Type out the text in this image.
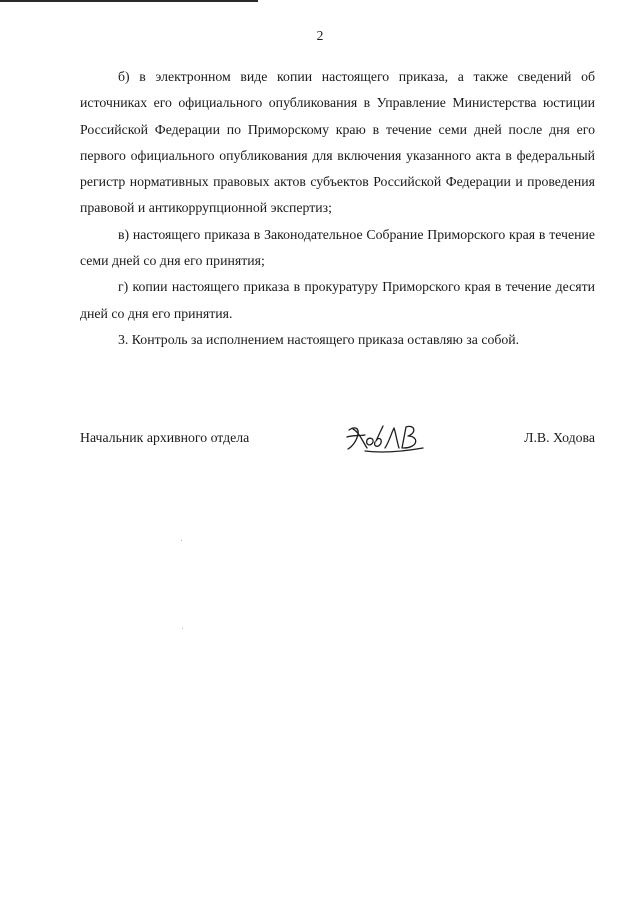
2

б) в электронном виде копии настоящего приказа, а также сведений об источниках его официального опубликования в Управление Министерства юстиции Российской Федерации по Приморскому краю в течение семи дней после дня его первого официального опубликования для включения указанного акта в федеральный регистр нормативных правовых актов субъектов Российской Федерации и проведения правовой и антикоррупционной экспертиз;

в) настоящего приказа в Законодательное Собрание Приморского края в течение семи дней со дня его принятия;

г) копии настоящего приказа в прокуратуру Приморского края в течение десяти дней со дня его принятия.

3. Контроль за исполнением настоящего приказа оставляю за собой.

Начальник архивного отдела	Л.В. Ходова
